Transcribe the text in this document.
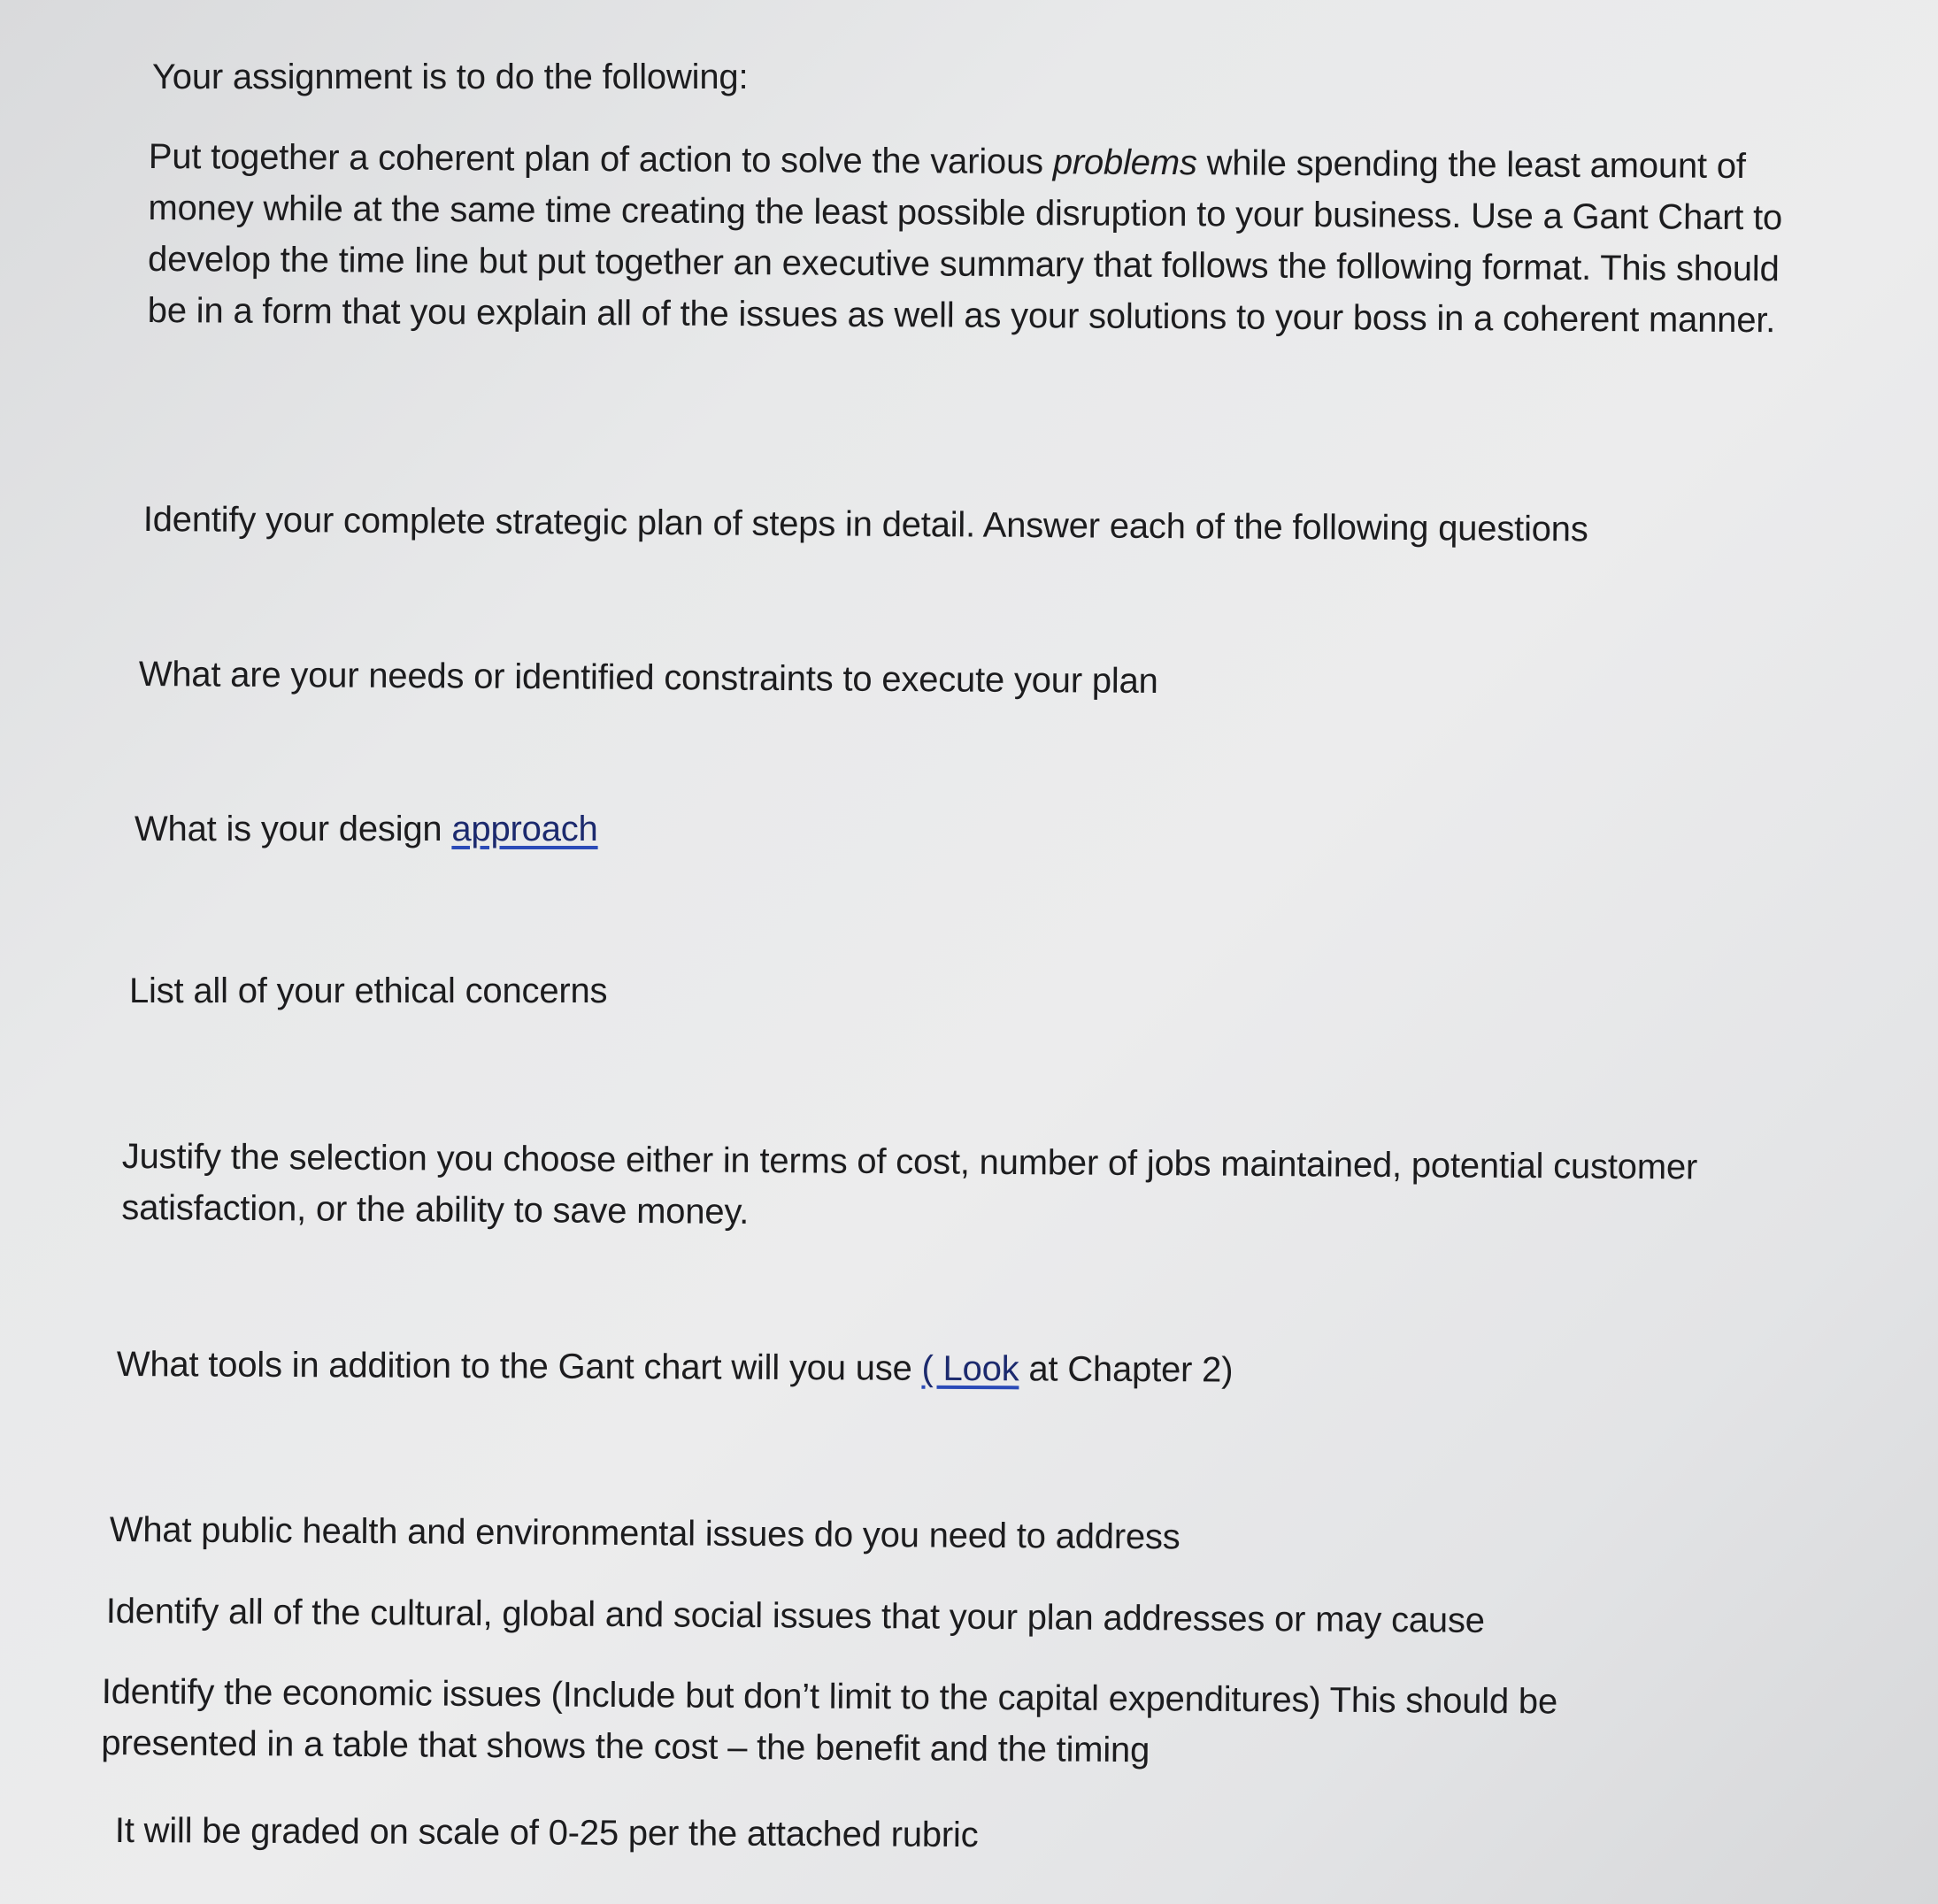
Your assignment is to do the following:

Put together a coherent plan of action to solve the various problems while spending the least amount of money while at the same time creating the least possible disruption to your business. Use a Gant Chart to develop the time line but put together an executive summary that follows the following format. This should be in a form that you explain all of the issues as well as your solutions to your boss in a coherent manner.

Identify your complete strategic plan of steps in detail. Answer each of the following questions

What are your needs or identified constraints to execute your plan

What is your design approach

List all of your ethical concerns

Justify the selection you choose either in terms of cost, number of jobs maintained, potential customer satisfaction, or the ability to save money.

What tools in addition to the Gant chart will you use ( Look at Chapter 2)

What public health and environmental issues do you need to address

Identify all of the cultural, global and social issues that your plan addresses or may cause

Identify the economic issues (Include but don’t limit to the capital expenditures) This should be presented in a table that shows the cost – the benefit and the timing

It will be graded on scale of 0-25 per the attached rubric
